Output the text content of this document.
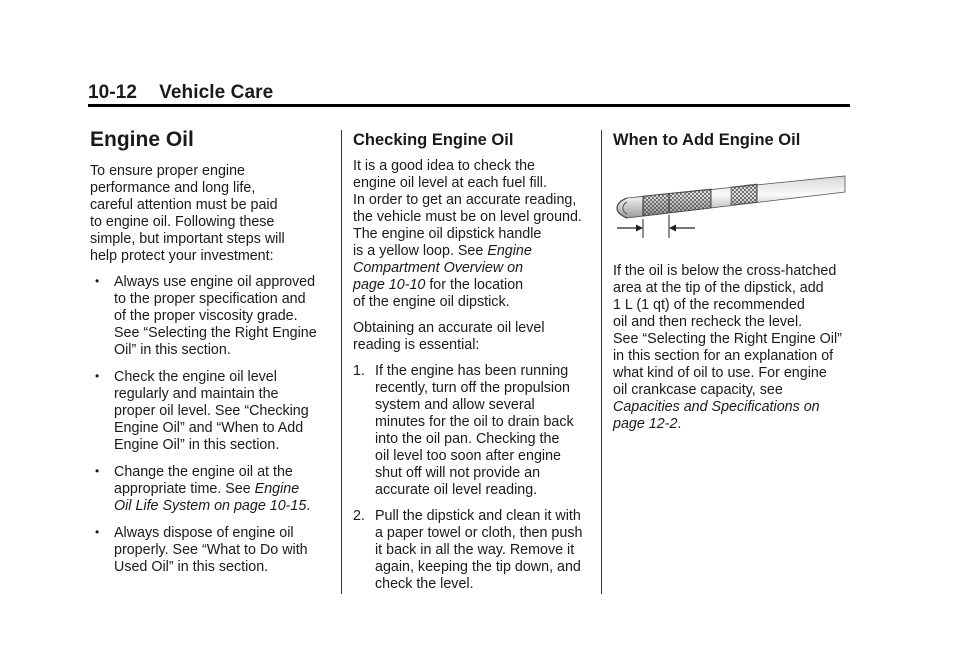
10-12 Vehicle Care
Engine Oil

To ensure proper engine
performance and long life,
careful attention must be paid
to engine oil. Following these
simple, but important steps will
help protect your investment:

• Always use engine oil approved
to the proper specification and
of the proper viscosity grade.
See “Selecting the Right Engine
Oil” in this section.
• Check the engine oil level
regularly and maintain the
proper oil level. See “Checking
Engine Oil” and “When to Add
Engine Oil” in this section.
• Change the engine oil at the
appropriate time. See Engine
Oil Life System on page 10-15.
• Always dispose of engine oil
properly. See “What to Do with
Used Oil” in this section.
Checking Engine Oil

It is a good idea to check the
engine oil level at each fuel fill.
In order to get an accurate reading,
the vehicle must be on level ground.
The engine oil dipstick handle
is a yellow loop. See Engine
Compartment Overview on
page 10-10 for the location
of the engine oil dipstick.

Obtaining an accurate oil level
reading is essential:

1. If the engine has been running
recently, turn off the propulsion
system and allow several
minutes for the oil to drain back
into the oil pan. Checking the
oil level too soon after engine
shut off will not provide an
accurate oil level reading.
2. Pull the dipstick and clean it with
a paper towel or cloth, then push
it back in all the way. Remove it
again, keeping the tip down, and
check the level.
When to Add Engine Oil

If the oil is below the cross-hatched
area at the tip of the dipstick, add
1 L (1 qt) of the recommended
oil and then recheck the level.
See “Selecting the Right Engine Oil”
in this section for an explanation of
what kind of oil to use. For engine
oil crankcase capacity, see
Capacities and Specifications on
page 12-2.
